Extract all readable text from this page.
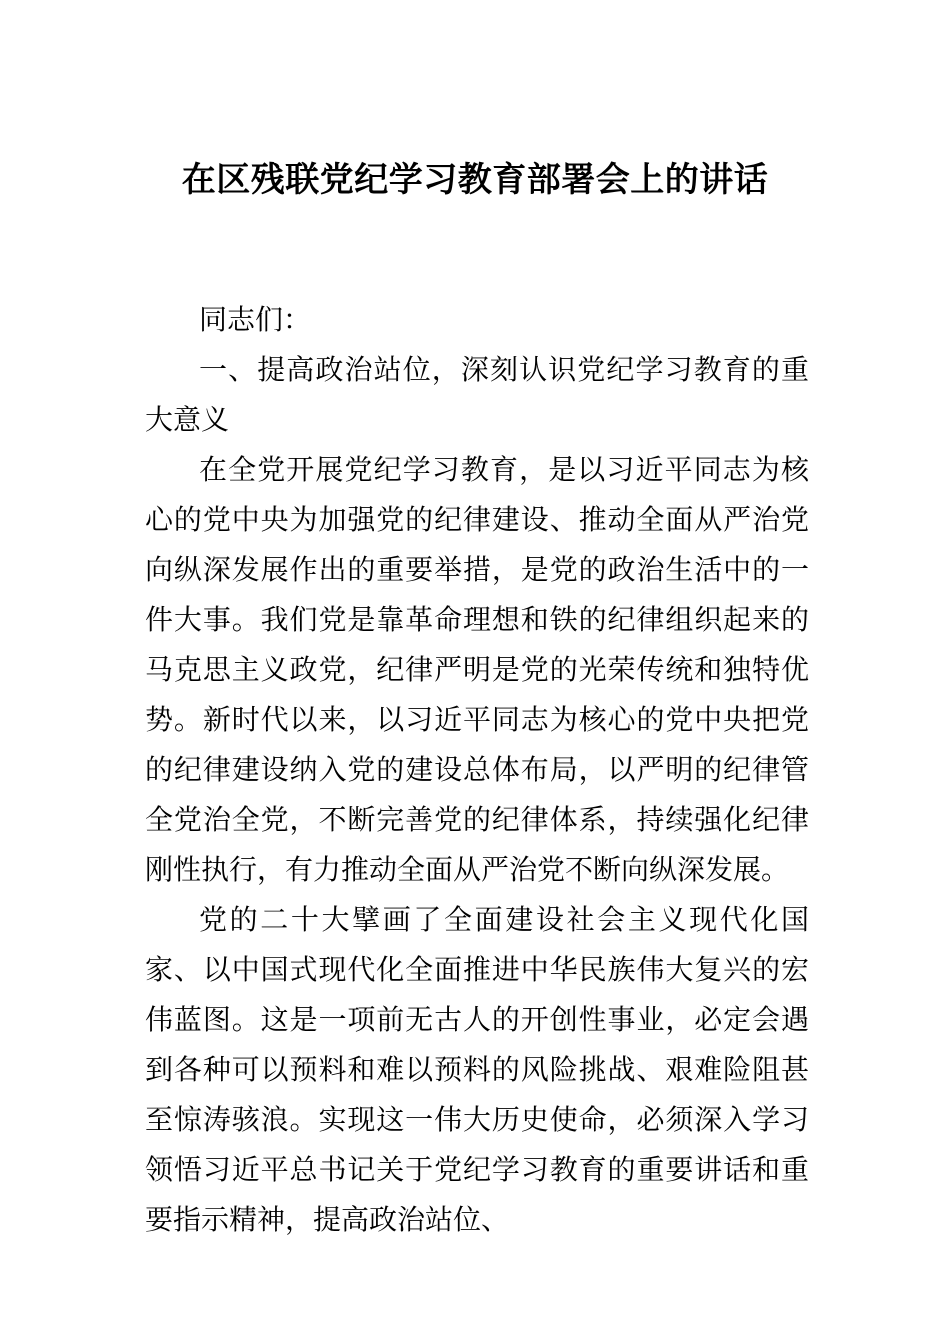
在区残联党纪学习教育部署会上的讲话

同志们：

一、提高政治站位，深刻认识党纪学习教育的重大意义

在全党开展党纪学习教育，是以习近平同志为核心的党中央为加强党的纪律建设、推动全面从严治党向纵深发展作出的重要举措，是党的政治生活中的一件大事。我们党是靠革命理想和铁的纪律组织起来的马克思主义政党，纪律严明是党的光荣传统和独特优势。新时代以来，以习近平同志为核心的党中央把党的纪律建设纳入党的建设总体布局，以严明的纪律管全党治全党，不断完善党的纪律体系，持续强化纪律刚性执行，有力推动全面从严治党不断向纵深发展。

党的二十大擘画了全面建设社会主义现代化国家、以中国式现代化全面推进中华民族伟大复兴的宏伟蓝图。这是一项前无古人的开创性事业，必定会遇到各种可以预料和难以预料的风险挑战、艰难险阻甚至惊涛骇浪。实现这一伟大历史使命，必须深入学习领悟习近平总书记关于党纪学习教育的重要讲话和重要指示精神，提高政治站位、
